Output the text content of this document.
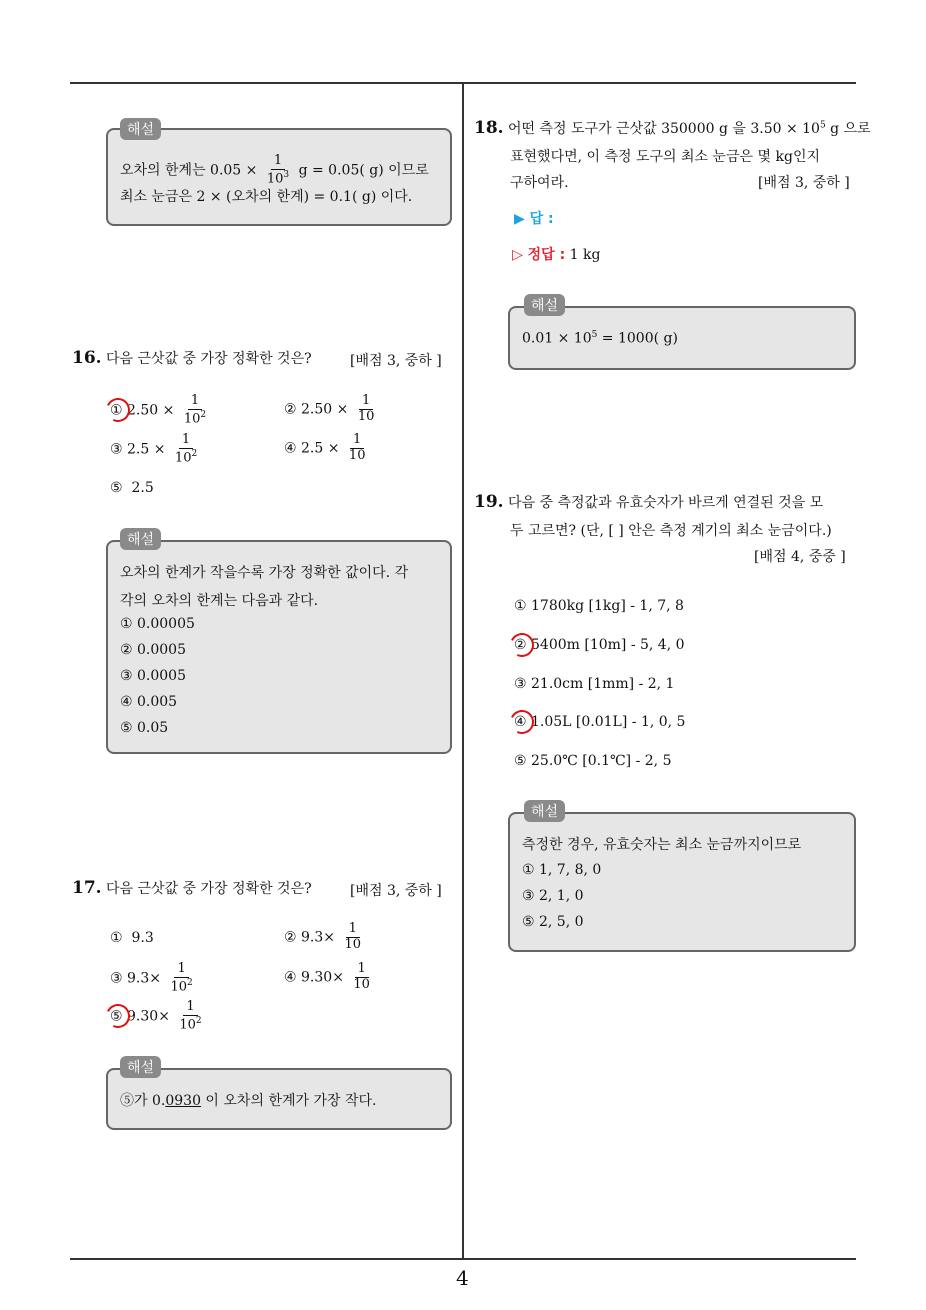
4
오차의 한계는 $0.05 \times \frac{1}{10^3}$ g = 0.05( g) 이므로
최소 눈금은 2 × (오차의 한계) = 0.1( g) 이다.
해설
16. 다음 근삿값 중 가장 정확한 것은?	[배점 3, 중하 ]
① $2.50 \times \frac{1}{10^2}$	② $2.50 \times \frac{1}{10}$
③ $2.5 \times \frac{1}{10^2}$	④ $2.5 \times \frac{1}{10}$
⑤ 2.5
오차의 한계가 작을수록 가장 정확한 값이다. 각
각의 오차의 한계는 다음과 같다.
① 0.00005
② 0.0005
③ 0.0005
④ 0.005
⑤ 0.05
해설
17. 다음 근삿값 중 가장 정확한 것은?	[배점 3, 중하 ]
① 9.3	② $9.3\times \frac{1}{10}$
③ $9.3\times \frac{1}{10^2}$	④ $9.30\times \frac{1}{10}$
⑤ $9.30\times \frac{1}{10^2}$
⑤가 0.0930 이 오차의 한계가 가장 작다.
해설
18. 어떤 측정 도구가 근삿값 350000 g 을 $3.50 \times 10^5$ g 으로
표현했다면, 이 측정 도구의 최소 눈금은 몇 kg인지
구하여라.	[배점 3, 중하 ]
▶ 답 :
▷ 정답 : 1 kg
$0.01 \times 10^5 = 1000$( g)
해설
19. 다음 중 측정값과 유효숫자가 바르게 연결된 것을 모
두 고르면? (단, [ ] 안은 측정 계기의 최소 눈금이다.)
[배점 4, 중중 ]
① 1780kg [1kg] - 1, 7, 8
② 5400m [10m] - 5, 4, 0
③ 21.0cm [1mm] - 2, 1
④ 1.05L [0.01L] - 1, 0, 5
⑤ 25.0℃ [0.1℃] - 2, 5
측정한 경우, 유효숫자는 최소 눈금까지이므로
① 1, 7, 8, 0
③ 2, 1, 0
⑤ 2, 5, 0
해설
